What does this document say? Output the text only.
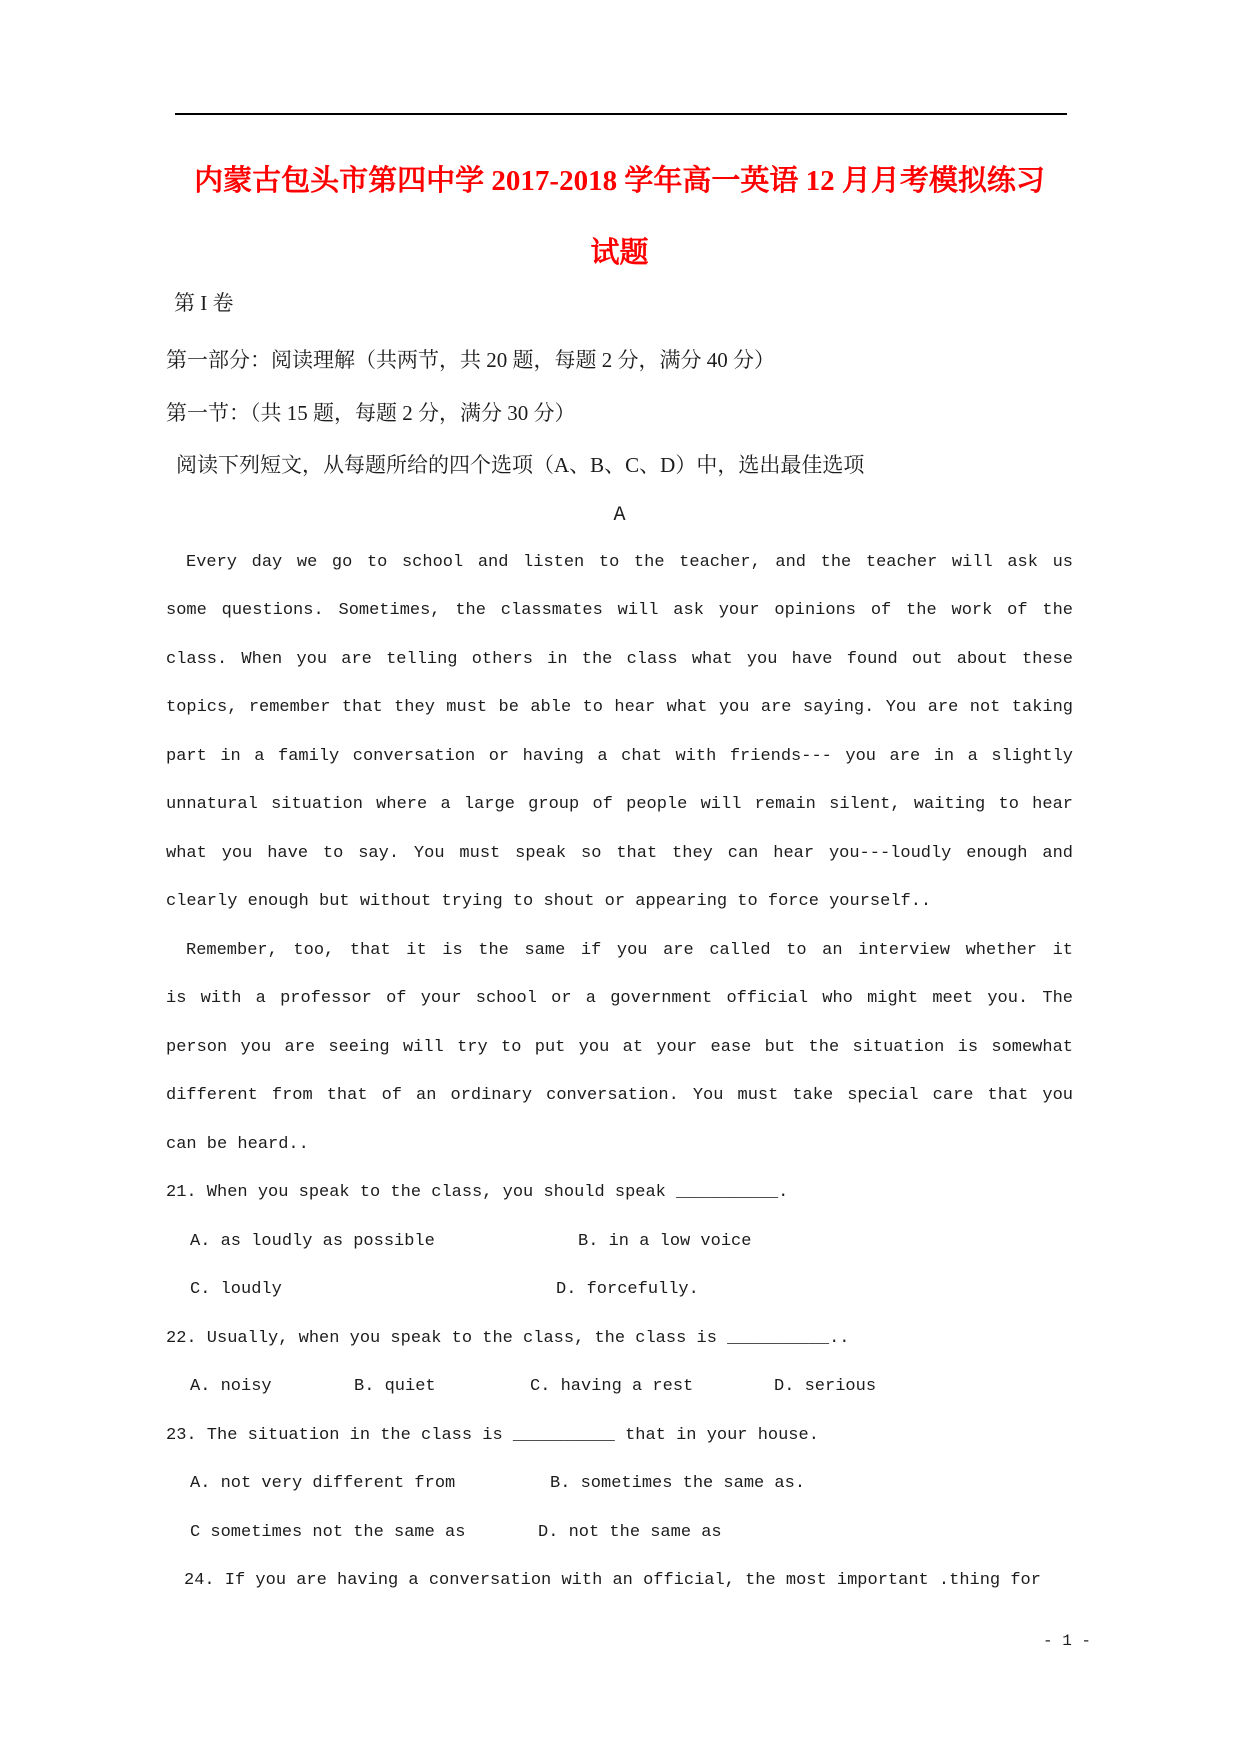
内蒙古包头市第四中学 2017-2018 学年高一英语 12 月月考模拟练习
试题
第 I 卷
第一部分：阅读理解（共两节，共 20 题，每题 2 分，满分 40 分）
第一节：（共 15 题，每题 2 分，满分 30 分）
阅读下列短文，从每题所给的四个选项（A、B、C、D）中，选出最佳选项
A
Every day we go to school and listen to the teacher, and the teacher will ask us
some questions. Sometimes, the classmates will ask your opinions of the work of the
class. When you are telling others in the class what you have found out about these
topics, remember that they must be able to hear what you are saying. You are not taking
part in a family conversation or having a chat with friends--- you are in a slightly
unnatural situation where a large group of people will remain silent, waiting to hear
what you have to say. You must speak so that they can hear you---loudly enough and
clearly enough but without trying to shout or appearing to force yourself..
Remember, too, that it is the same if you are called to an interview whether it
is with a professor of your school or a government official who might meet you. The
person you are seeing will try to put you at your ease but the situation is somewhat
different from that of an ordinary conversation. You must take special care that you
can be heard..
21. When you speak to the class, you should speak __________.
A. as loudly as possible	B. in a low voice
C. loudly	D. forcefully.
22. Usually, when you speak to the class, the class is __________..
A. noisy	B. quiet	C. having a rest	D. serious
23. The situation in the class is __________ that in your house.
A. not very different from	B. sometimes the same as.
C sometimes not the same as	D. not the same as
24. If you are having a conversation with an official, the most important .thing for
- 1 -
